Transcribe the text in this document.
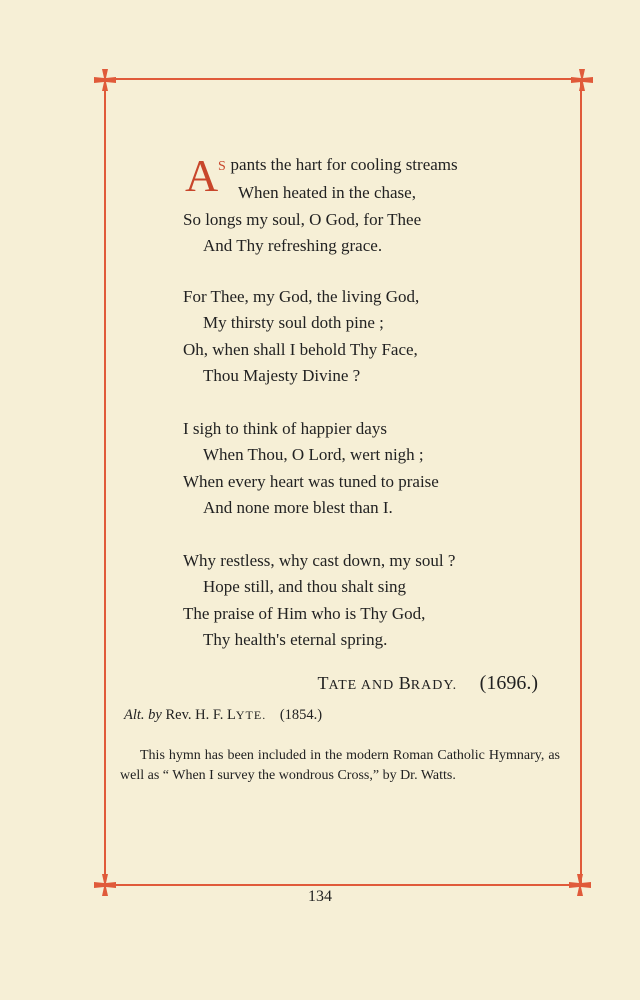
A S pants the hart for cooling streams
When heated in the chase,
So longs my soul, O God, for Thee
And Thy refreshing grace.
For Thee, my God, the living God,
My thirsty soul doth pine ;
Oh, when shall I behold Thy Face,
Thou Majesty Divine ?
I sigh to think of happier days
When Thou, O Lord, wert nigh ;
When every heart was tuned to praise
And none more blest than I.
Why restless, why cast down, my soul ?
Hope still, and thou shalt sing
The praise of Him who is Thy God,
Thy health's eternal spring.
TATE AND BRADY. (1696.)
Alt. by Rev. H. F. LYTE. (1854.)
This hymn has been included in the modern Roman Catholic Hymnary, as well as “ When I survey the wondrous Cross,” by Dr. Watts.
134
